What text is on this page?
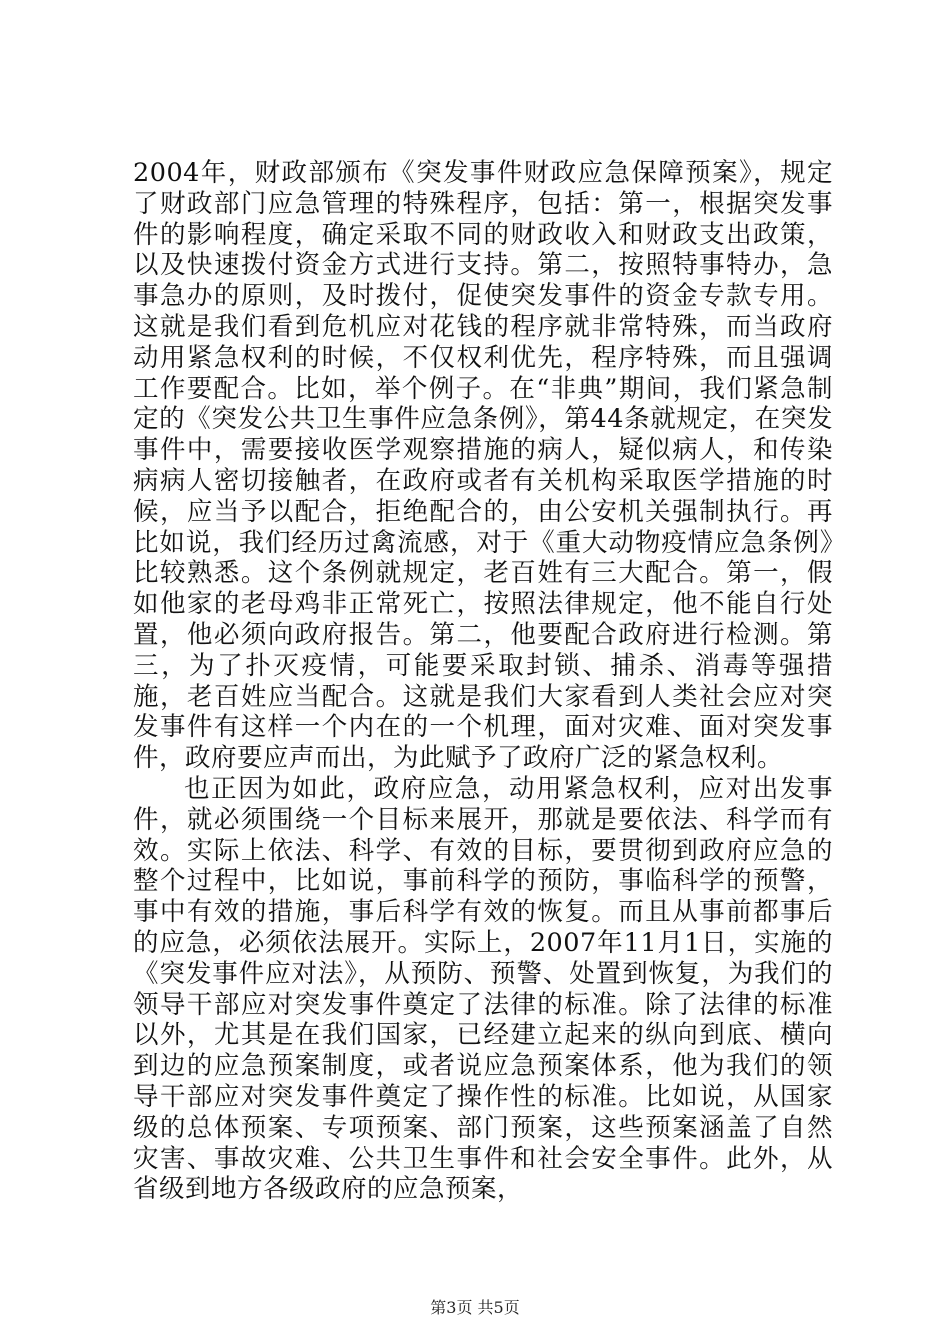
2004年，财政部颁布《突发事件财政应急保障预案》，规定了财政部门应急管理的特殊程序，包括：第一，根据突发事件的影响程度，确定采取不同的财政收入和财政支出政策，以及快速拨付资金方式进行支持。第二，按照特事特办，急事急办的原则，及时拨付，促使突发事件的资金专款专用。这就是我们看到危机应对花钱的程序就非常特殊，而当政府动用紧急权利的时候，不仅权利优先，程序特殊，而且强调工作要配合。比如，举个例子。在“非典”期间，我们紧急制定的《突发公共卫生事件应急条例》，第44条就规定，在突发事件中，需要接收医学观察措施的病人，疑似病人，和传染病病人密切接触者，在政府或者有关机构采取医学措施的时候，应当予以配合，拒绝配合的，由公安机关强制执行。再比如说，我们经历过禽流感，对于《重大动物疫情应急条例》比较熟悉。这个条例就规定，老百姓有三大配合。第一，假如他家的老母鸡非正常死亡，按照法律规定，他不能自行处置，他必须向政府报告。第二，他要配合政府进行检测。第三，为了扑灭疫情，可能要采取封锁、捕杀、消毒等强措施，老百姓应当配合。这就是我们大家看到人类社会应对突发事件有这样一个内在的一个机理，面对灾难、面对突发事件，政府要应声而出，为此赋予了政府广泛的紧急权利。

也正因为如此，政府应急，动用紧急权利，应对出发事件，就必须围绕一个目标来展开，那就是要依法、科学而有效。实际上依法、科学、有效的目标，要贯彻到政府应急的整个过程中，比如说，事前科学的预防，事临科学的预警，事中有效的措施，事后科学有效的恢复。而且从事前都事后的应急，必须依法展开。实际上，2007年11月1日，实施的《突发事件应对法》，从预防、预警、处置到恢复，为我们的领导干部应对突发事件奠定了法律的标准。除了法律的标准以外，尤其是在我们国家，已经建立起来的纵向到底、横向到边的应急预案制度，或者说应急预案体系，他为我们的领导干部应对突发事件奠定了操作性的标准。比如说，从国家级的总体预案、专项预案、部门预案，这些预案涵盖了自然灾害、事故灾难、公共卫生事件和社会安全事件。此外，从省级到地方各级政府的应急预案，

第3页 共5页
